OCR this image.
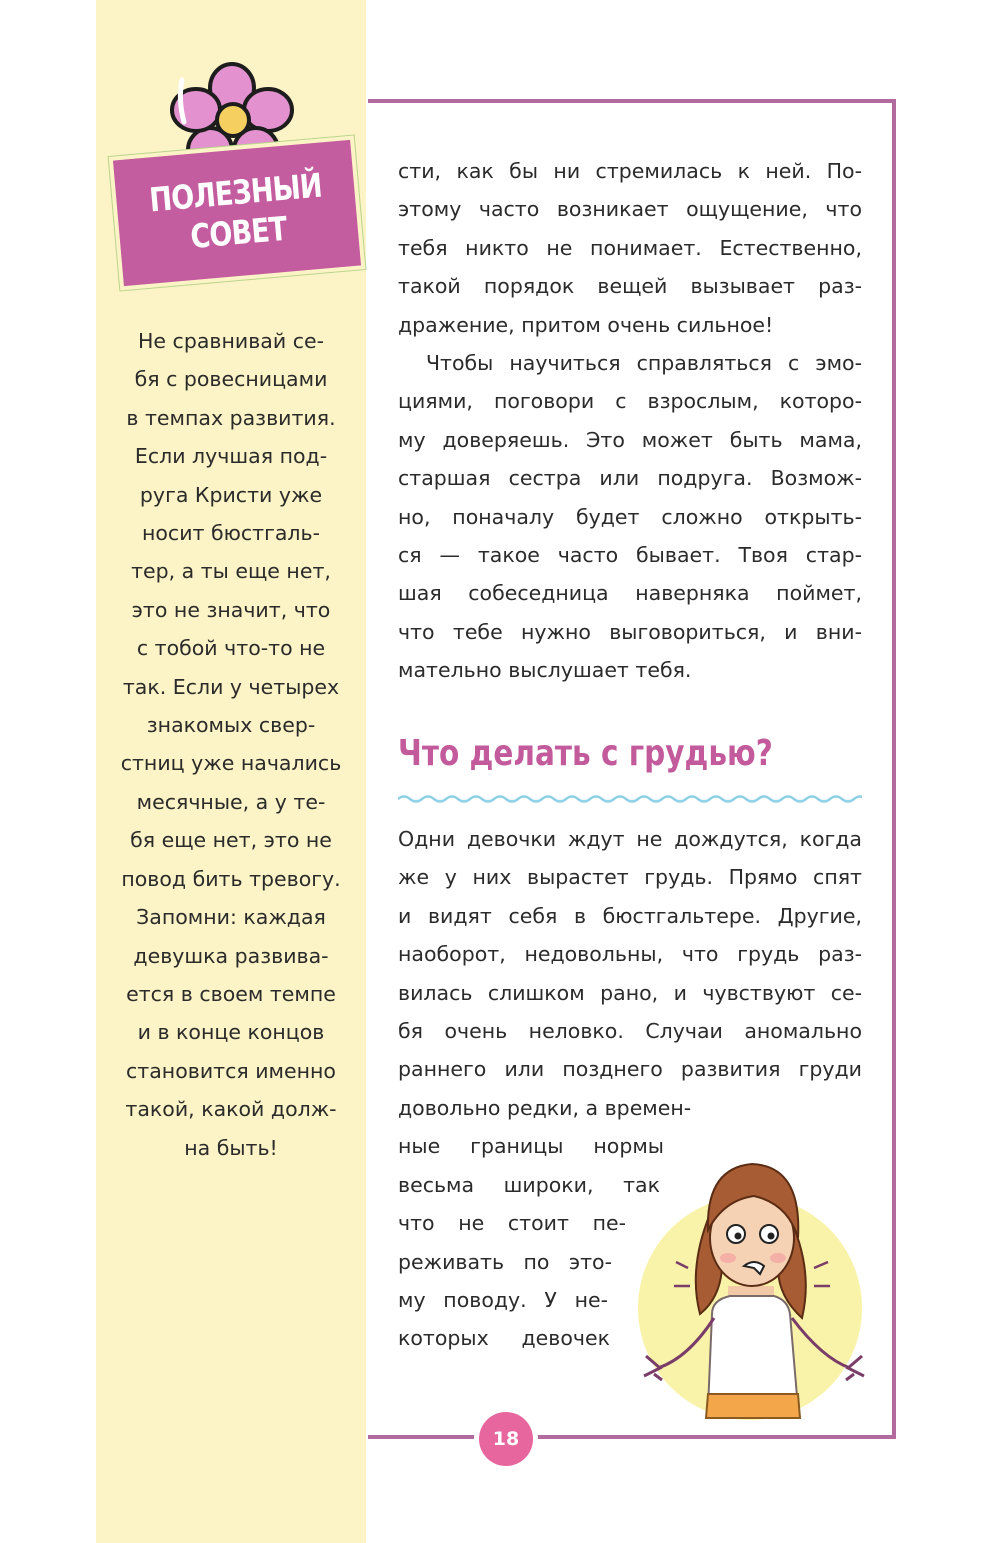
ПОЛЕЗНЫЙ
СОВЕТ
Не сравнивай се-
бя с ровесницами
в темпах развития.
Если лучшая под-
руга Кристи уже
носит бюстгаль-
тер, а ты еще нет,
это не значит, что
с тобой что-то не
так. Если у четырех
знакомых свер-
стниц уже начались
месячные, а у те-
бя еще нет, это не
повод бить тревогу.
Запомни: каждая
девушка развива-
ется в своем темпе
и в конце концов
становится именно
такой, какой долж-
на быть!
сти, как бы ни стремилась к ней. По-
этому часто возникает ощущение, что
тебя никто не понимает. Естественно,
такой порядок вещей вызывает раз-
дражение, притом очень сильное!
Чтобы научиться справляться с эмо-
циями, поговори с взрослым, которо-
му доверяешь. Это может быть мама,
старшая сестра или подруга. Возмож-
но, поначалу будет сложно открыть-
ся — такое часто бывает. Твоя стар-
шая собеседница наверняка поймет,
что тебе нужно выговориться, и вни-
мательно выслушает тебя.
Что делать с грудью?
Одни девочки ждут не дождутся, когда
же у них вырастет грудь. Прямо спят
и видят себя в бюстгальтере. Другие,
наоборот, недовольны, что грудь раз-
вилась слишком рано, и чувствуют се-
бя очень неловко. Случаи аномально
раннего или позднего развития груди
довольно редки, а времен-
ные границы нормы
весьма широки, так
что не стоит пе-
реживать по это-
му поводу. У не-
которых девочек
18
